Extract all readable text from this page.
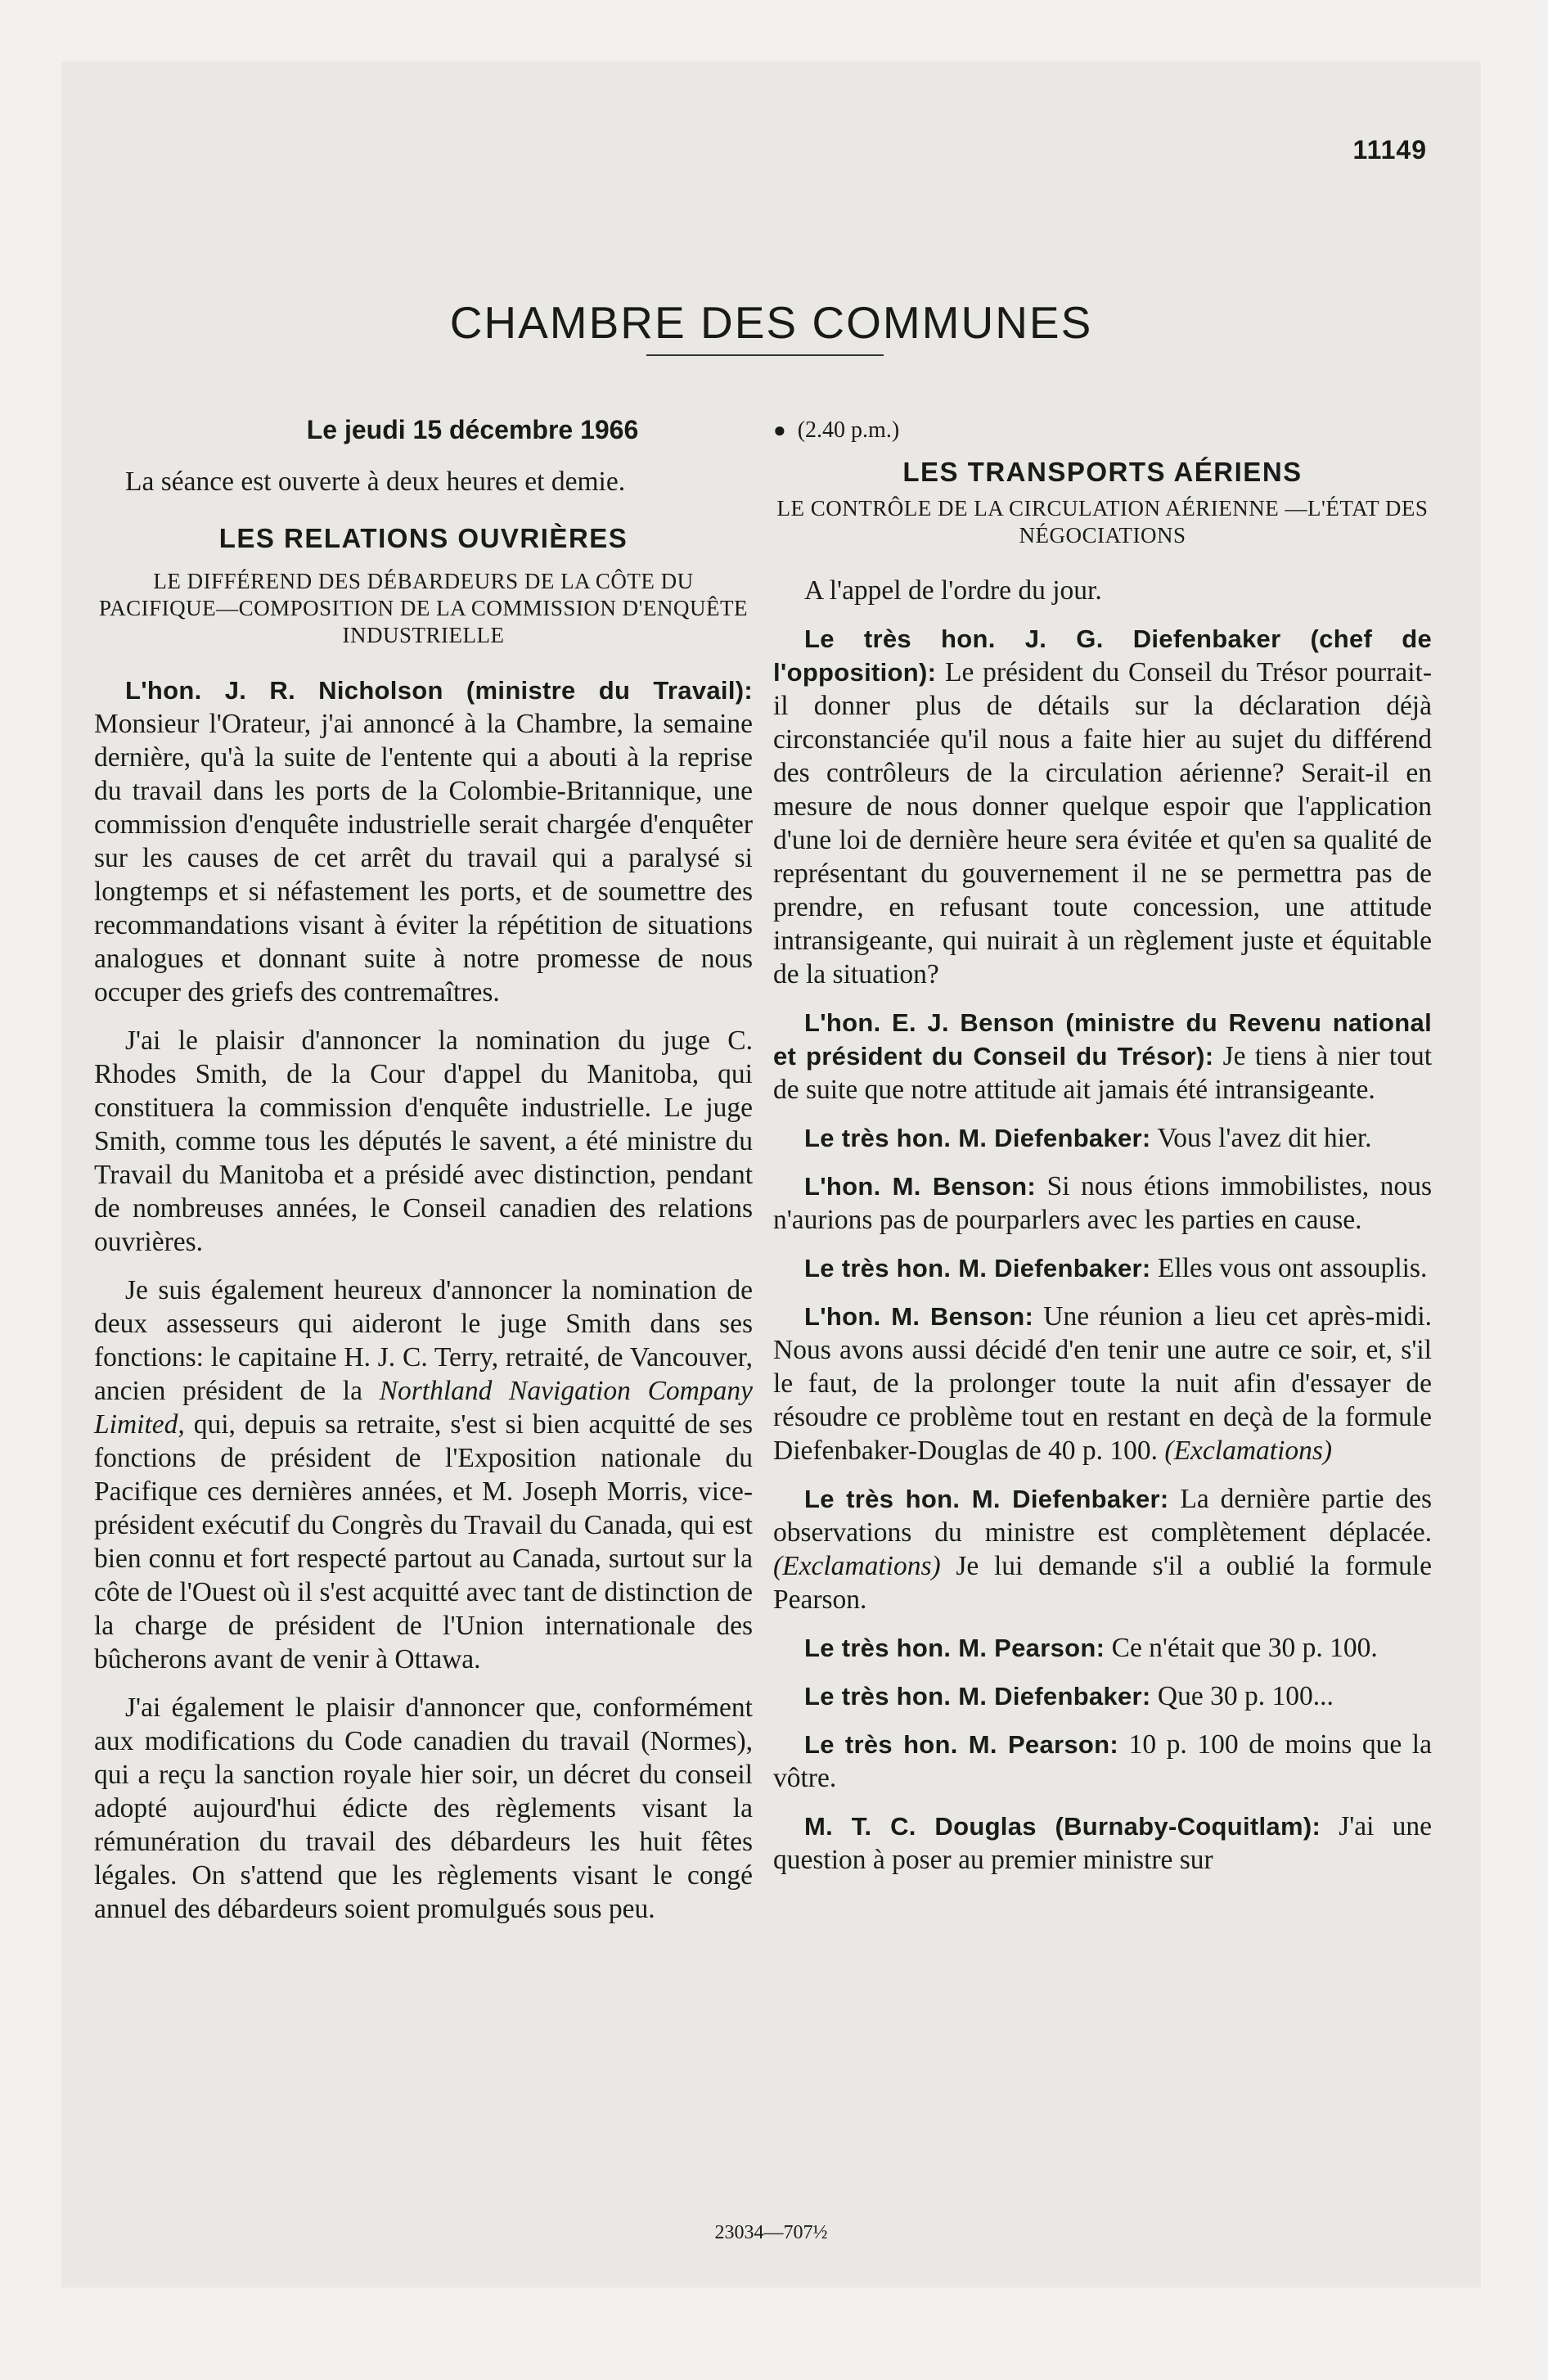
11149
CHAMBRE DES COMMUNES
Le jeudi 15 décembre 1966

La séance est ouverte à deux heures et demie.

LES RELATIONS OUVRIÈRES
LE DIFFÉREND DES DÉBARDEURS DE LA CÔTE DU PACIFIQUE—COMPOSITION DE LA COMMISSION D'ENQUÊTE INDUSTRIELLE

L'hon. J. R. Nicholson (ministre du Travail): Monsieur l'Orateur, j'ai annoncé à la Chambre, la semaine dernière, qu'à la suite de l'entente qui a abouti à la reprise du travail dans les ports de la Colombie-Britannique, une commission d'enquête industrielle serait chargée d'enquêter sur les causes de cet arrêt du travail qui a paralysé si longtemps et si néfastement les ports, et de soumettre des recommandations visant à éviter la répétition de situations analogues et donnant suite à notre promesse de nous occuper des griefs des contremaîtres.

J'ai le plaisir d'annoncer la nomination du juge C. Rhodes Smith, de la Cour d'appel du Manitoba, qui constituera la commission d'enquête industrielle. Le juge Smith, comme tous les députés le savent, a été ministre du Travail du Manitoba et a présidé avec distinction, pendant de nombreuses années, le Conseil canadien des relations ouvrières.

Je suis également heureux d'annoncer la nomination de deux assesseurs qui aideront le juge Smith dans ses fonctions: le capitaine H. J. C. Terry, retraité, de Vancouver, ancien président de la Northland Navigation Company Limited, qui, depuis sa retraite, s'est si bien acquitté de ses fonctions de président de l'Exposition nationale du Pacifique ces dernières années, et M. Joseph Morris, vice-président exécutif du Congrès du Travail du Canada, qui est bien connu et fort respecté partout au Canada, surtout sur la côte de l'Ouest où il s'est acquitté avec tant de distinction de la charge de président de l'Union internationale des bûcherons avant de venir à Ottawa.

J'ai également le plaisir d'annoncer que, conformément aux modifications du Code canadien du travail (Normes), qui a reçu la sanction royale hier soir, un décret du conseil adopté aujourd'hui édicte des règlements visant la rémunération du travail des débardeurs les huit fêtes légales. On s'attend que les règlements visant le congé annuel des débardeurs soient promulgués sous peu.

● (2.40 p.m.)
LES TRANSPORTS AÉRIENS
LE CONTRÔLE DE LA CIRCULATION AÉRIENNE —L'ÉTAT DES NÉGOCIATIONS

A l'appel de l'ordre du jour.

Le très hon. J. G. Diefenbaker (chef de l'opposition): Le président du Conseil du Trésor pourrait-il donner plus de détails sur la déclaration déjà circonstanciée qu'il nous a faite hier au sujet du différend des contrôleurs de la circulation aérienne? Serait-il en mesure de nous donner quelque espoir que l'application d'une loi de dernière heure sera évitée et qu'en sa qualité de représentant du gouvernement il ne se permettra pas de prendre, en refusant toute concession, une attitude intransigeante, qui nuirait à un règlement juste et équitable de la situation?

L'hon. E. J. Benson (ministre du Revenu national et président du Conseil du Trésor): Je tiens à nier tout de suite que notre attitude ait jamais été intransigeante.

Le très hon. M. Diefenbaker: Vous l'avez dit hier.

L'hon. M. Benson: Si nous étions immobilistes, nous n'aurions pas de pourparlers avec les parties en cause.

Le très hon. M. Diefenbaker: Elles vous ont assouplis.

L'hon. M. Benson: Une réunion a lieu cet après-midi. Nous avons aussi décidé d'en tenir une autre ce soir, et, s'il le faut, de la prolonger toute la nuit afin d'essayer de résoudre ce problème tout en restant en deçà de la formule Diefenbaker-Douglas de 40 p. 100. (Exclamations)

Le très hon. M. Diefenbaker: La dernière partie des observations du ministre est complètement déplacée. (Exclamations) Je lui demande s'il a oublié la formule Pearson.

Le très hon. M. Pearson: Ce n'était que 30 p. 100.

Le très hon. M. Diefenbaker: Que 30 p. 100...

Le très hon. M. Pearson: 10 p. 100 de moins que la vôtre.

M. T. C. Douglas (Burnaby-Coquitlam): J'ai une question à poser au premier ministre sur

23034—707½
